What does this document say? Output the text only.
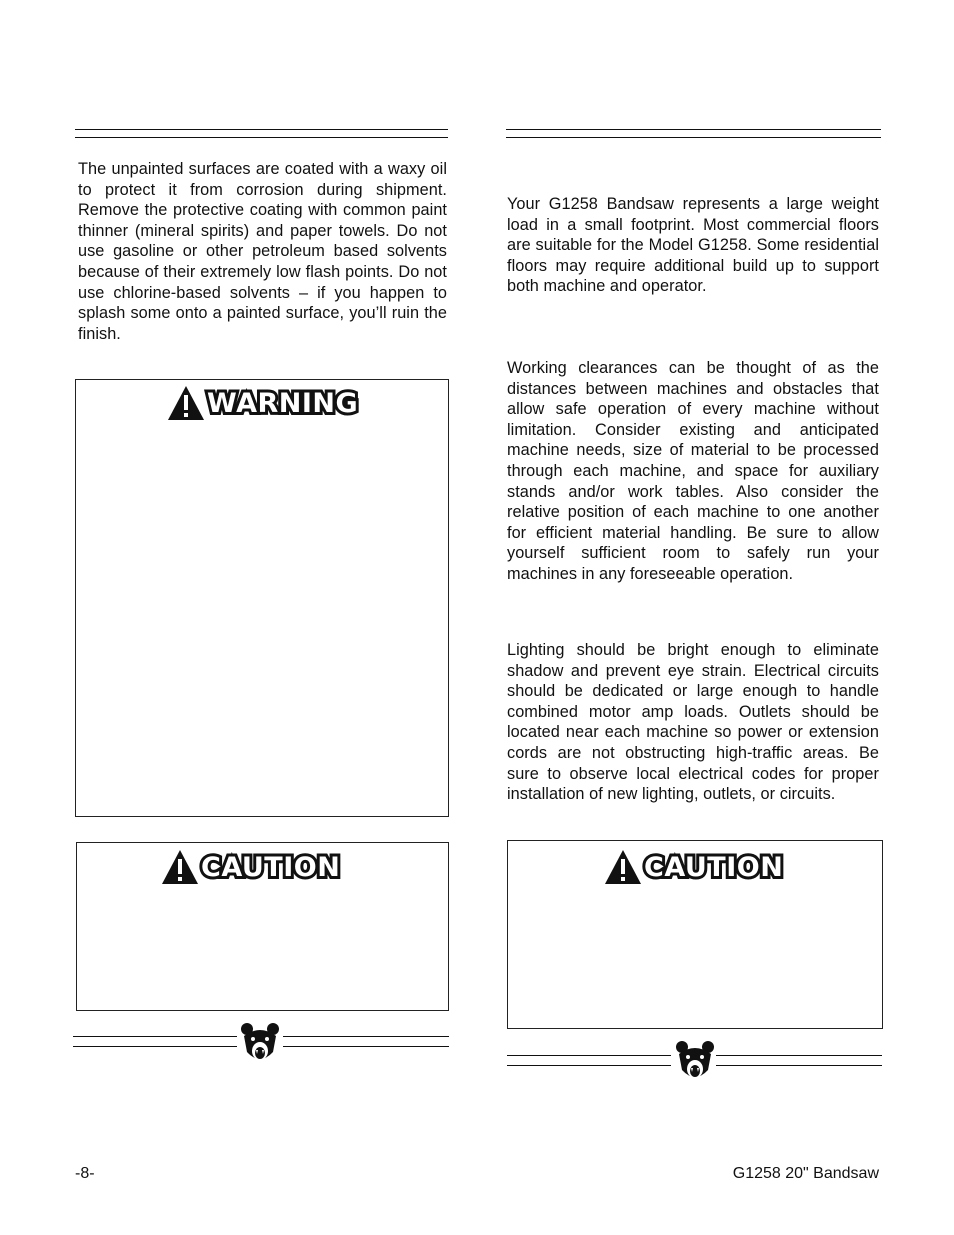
The unpainted surfaces are coated with a waxy oil to protect it from corrosion during shipment. Remove the protective coating with common paint thinner (mineral spirits) and paper towels. Do not use gasoline or other petroleum based solvents because of their extremely low flash points. Do not use chlorine-based solvents – if you happen to splash some onto a painted surface, you’ll ruin the finish.

WARNING
CAUTION

Your G1258 Bandsaw represents a large weight load in a small footprint. Most commercial floors are suitable for the Model G1258. Some residential floors may require additional build up to support both machine and operator.

Working clearances can be thought of as the distances between machines and obstacles that allow safe operation of every machine without limitation. Consider existing and anticipated machine needs, size of material to be processed through each machine, and space for auxiliary stands and/or work tables. Also consider the relative position of each machine to one another for efficient material handling. Be sure to allow yourself sufficient room to safely run your machines in any foreseeable operation.

Lighting should be bright enough to eliminate shadow and prevent eye strain. Electrical circuits should be dedicated or large enough to handle combined motor amp loads. Outlets should be located near each machine so power or extension cords are not obstructing high-traffic areas. Be sure to observe local electrical codes for proper installation of new lighting, outlets, or circuits.

CAUTION
-8-	G1258 20" Bandsaw
